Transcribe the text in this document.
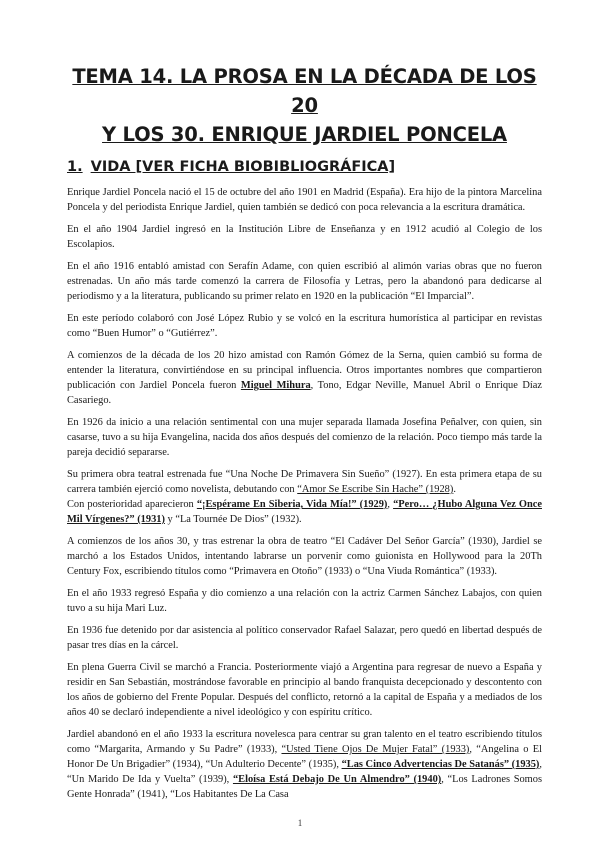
TEMA 14. LA PROSA EN LA DÉCADA DE LOS 20
Y LOS 30. ENRIQUE JARDIEL PONCELA
1. VIDA [VER FICHA BIOBIBLIOGRÁFICA]

Enrique Jardiel Poncela nació el 15 de octubre del año 1901 en Madrid (España). Era hijo de la pintora Marcelina Poncela y del periodista Enrique Jardiel, quien también se dedicó con poca relevancia a la escritura dramática.

En el año 1904 Jardiel ingresó en la Institución Libre de Enseñanza y en 1912 acudió al Colegio de los Escolapios.

En el año 1916 entabló amistad con Serafín Adame, con quien escribió al alimón varias obras que no fueron estrenadas. Un año más tarde comenzó la carrera de Filosofía y Letras, pero la abandonó para dedicarse al periodismo y a la literatura, publicando su primer relato en 1920 en la publicación “El Imparcial”.

En este período colaboró con José López Rubio y se volcó en la escritura humorística al participar en revistas como “Buen Humor” o “Gutiérrez”.

A comienzos de la década de los 20 hizo amistad con Ramón Gómez de la Serna, quien cambió su forma de entender la literatura, convirtiéndose en su principal influencia. Otros importantes nombres que compartieron publicación con Jardiel Poncela fueron Miguel Mihura, Tono, Edgar Neville, Manuel Abril o Enrique Díaz Casariego.

En 1926 da inicio a una relación sentimental con una mujer separada llamada Josefina Peñalver, con quien, sin casarse, tuvo a su hija Evangelina, nacida dos años después del comienzo de la relación. Poco tiempo más tarde la pareja decidió separarse.

Su primera obra teatral estrenada fue “Una Noche De Primavera Sin Sueño” (1927). En esta primera etapa de su carrera también ejerció como novelista, debutando con “Amor Se Escribe Sin Hache” (1928).

Con posterioridad aparecieron “¡Espérame En Siberia, Vida Mía!” (1929), “Pero… ¿Hubo Alguna Vez Once Mil Vírgenes?” (1931) y “La Tournée De Dios” (1932).

A comienzos de los años 30, y tras estrenar la obra de teatro “El Cadáver Del Señor García” (1930), Jardiel se marchó a los Estados Unidos, intentando labrarse un porvenir como guionista en Hollywood para la 20Th Century Fox, escribiendo títulos como “Primavera en Otoño” (1933) o “Una Viuda Romántica” (1933).

En el año 1933 regresó España y dio comienzo a una relación con la actriz Carmen Sánchez Labajos, con quien tuvo a su hija Mari Luz.

En 1936 fue detenido por dar asistencia al político conservador Rafael Salazar, pero quedó en libertad después de pasar tres días en la cárcel.

En plena Guerra Civil se marchó a Francia. Posteriormente viajó a Argentina para regresar de nuevo a España y residir en San Sebastián, mostrándose favorable en principio al bando franquista decepcionado y descontento con los años de gobierno del Frente Popular. Después del conflicto, retornó a la capital de España y a mediados de los años 40 se declaró independiente a nivel ideológico y con espíritu crítico.

Jardiel abandonó en el año 1933 la escritura novelesca para centrar su gran talento en el teatro escribiendo títulos como “Margarita, Armando y Su Padre” (1933), “Usted Tiene Ojos De Mujer Fatal” (1933), “Angelina o El Honor De Un Brigadier” (1934), “Un Adulterio Decente” (1935), “Las Cinco Advertencias De Satanás” (1935), “Un Marido De Ida y Vuelta” (1939), “Eloísa Está Debajo De Un Almendro” (1940), “Los Ladrones Somos Gente Honrada” (1941), “Los Habitantes De La Casa

1
